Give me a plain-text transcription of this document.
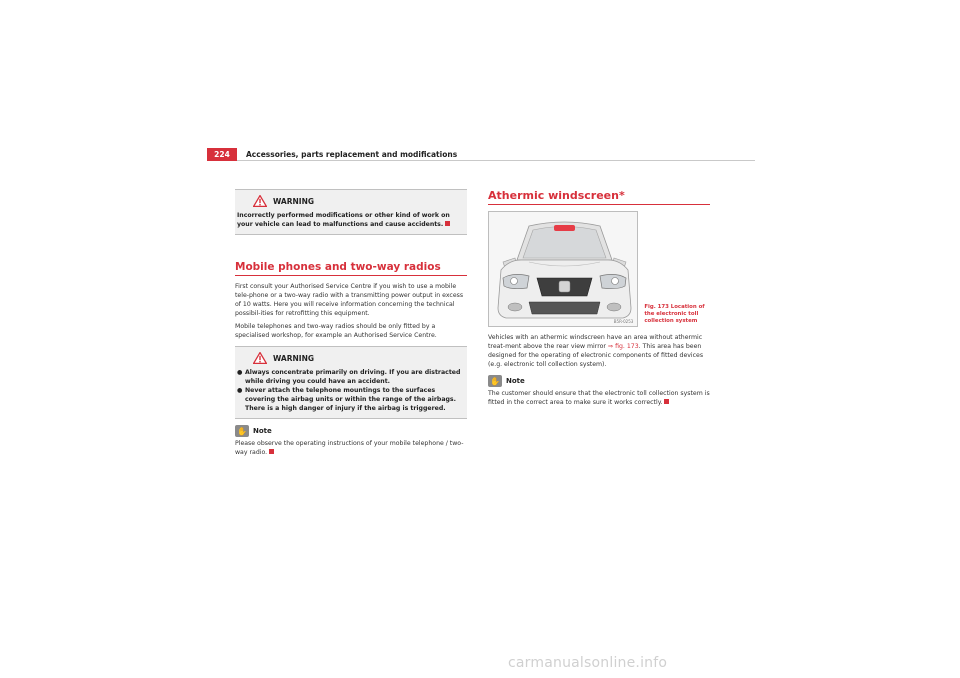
224	Accessories, parts replacement and modifications
WARNING
Incorrectly performed modifications or other kind of work on your vehicle can lead to malfunctions and cause accidents.
Mobile phones and two-way radios

First consult your Authorised Service Centre if you wish to use a mobile tele-phone or a two-way radio with a transmitting power output in excess of 10 watts. Here you will receive information concerning the technical possibil-ities for retrofitting this equipment.

Mobile telephones and two-way radios should be only fitted by a specialised workshop, for example an Authorised Service Centre.

WARNING
● Always concentrate primarily on driving. If you are distracted while driving you could have an accident.
● Never attach the telephone mountings to the surfaces covering the airbag units or within the range of the airbags. There is a high danger of injury if the airbag is triggered.
✋ Note

Please observe the operating instructions of your mobile telephone / two-way radio.

Athermic windscreen*
B5R-0253
Fig. 173 Location of the electronic toll collection system

Vehicles with an athermic windscreen have an area without athermic treat-ment above the rear view mirror ⇒ fig. 173. This area has been designed for the operating of electronic components of fitted devices (e.g. electronic toll collection system).

✋ Note

The customer should ensure that the electronic toll collection system is fitted in the correct area to make sure it works correctly.

carmanualsonline.info
